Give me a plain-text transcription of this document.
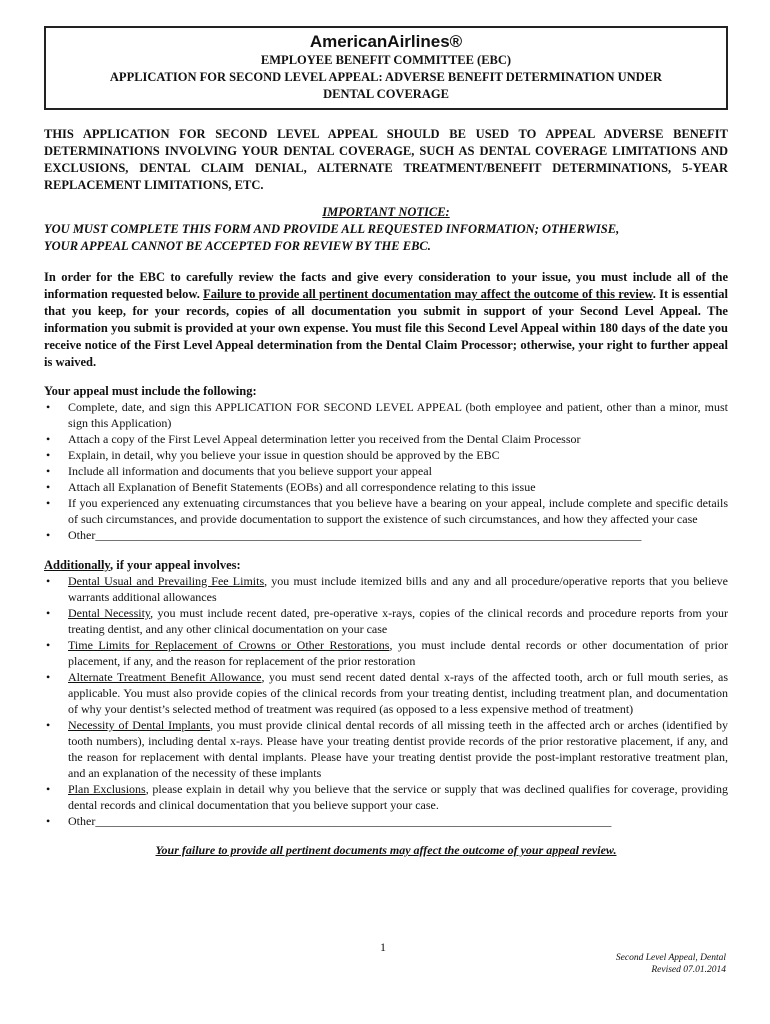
AmericanAirlines®
EMPLOYEE BENEFIT COMMITTEE (EBC)
APPLICATION FOR SECOND LEVEL APPEAL: ADVERSE BENEFIT DETERMINATION UNDER
DENTAL COVERAGE
THIS APPLICATION FOR SECOND LEVEL APPEAL SHOULD BE USED TO APPEAL ADVERSE BENEFIT DETERMINATIONS INVOLVING YOUR DENTAL COVERAGE, SUCH AS DENTAL COVERAGE LIMITATIONS AND EXCLUSIONS, DENTAL CLAIM DENIAL, ALTERNATE TREATMENT/BENEFIT DETERMINATIONS, 5-YEAR REPLACEMENT LIMITATIONS, ETC.
IMPORTANT NOTICE:
YOU MUST COMPLETE THIS FORM AND PROVIDE ALL REQUESTED INFORMATION; OTHERWISE,
YOUR APPEAL CANNOT BE ACCEPTED FOR REVIEW BY THE EBC.
In order for the EBC to carefully review the facts and give every consideration to your issue, you must include all of the information requested below. Failure to provide all pertinent documentation may affect the outcome of this review. It is essential that you keep, for your records, copies of all documentation you submit in support of your Second Level Appeal. The information you submit is provided at your own expense. You must file this Second Level Appeal within 180 days of the date you receive notice of the First Level Appeal determination from the Dental Claim Processor; otherwise, your right to further appeal is waived.
Your appeal must include the following:
• Complete, date, and sign this APPLICATION FOR SECOND LEVEL APPEAL (both employee and patient, other than a minor, must sign this Application)
• Attach a copy of the First Level Appeal determination letter you received from the Dental Claim Processor
• Explain, in detail, why you believe your issue in question should be approved by the EBC
• Include all information and documents that you believe support your appeal
• Attach all Explanation of Benefit Statements (EOBs) and all correspondence relating to this issue
• If you experienced any extenuating circumstances that you believe have a bearing on your appeal, include complete and specific details of such circumstances, and provide documentation to support the existence of such circumstances, and how they affected your case
• Other___________________________________________________________________________________________
Additionally, if your appeal involves:
• Dental Usual and Prevailing Fee Limits, you must include itemized bills and any and all procedure/operative reports that you believe warrants additional allowances
• Dental Necessity, you must include recent dated, pre-operative x-rays, copies of the clinical records and procedure reports from your treating dentist, and any other clinical documentation on your case
• Time Limits for Replacement of Crowns or Other Restorations, you must include dental records or other documentation of prior placement, if any, and the reason for replacement of the prior restoration
• Alternate Treatment Benefit Allowance, you must send recent dated dental x-rays of the affected tooth, arch or full mouth series, as applicable. You must also provide copies of the clinical records from your treating dentist, including treatment plan, and documentation of why your dentist’s selected method of treatment was required (as opposed to a less expensive method of treatment)
• Necessity of Dental Implants, you must provide clinical dental records of all missing teeth in the affected arch or arches (identified by tooth numbers), including dental x-rays. Please have your treating dentist provide records of the prior restorative placement, if any, and the reason for replacement with dental implants. Please have your treating dentist provide the post-implant restorative treatment plan, and an explanation of the necessity of these implants
• Plan Exclusions, please explain in detail why you believe that the service or supply that was declined qualifies for coverage, providing dental records and clinical documentation that you believe support your case.
• Other______________________________________________________________________________________
Your failure to provide all pertinent documents may affect the outcome of your appeal review.
1
Second Level Appeal, Dental
Revised 07.01.2014
